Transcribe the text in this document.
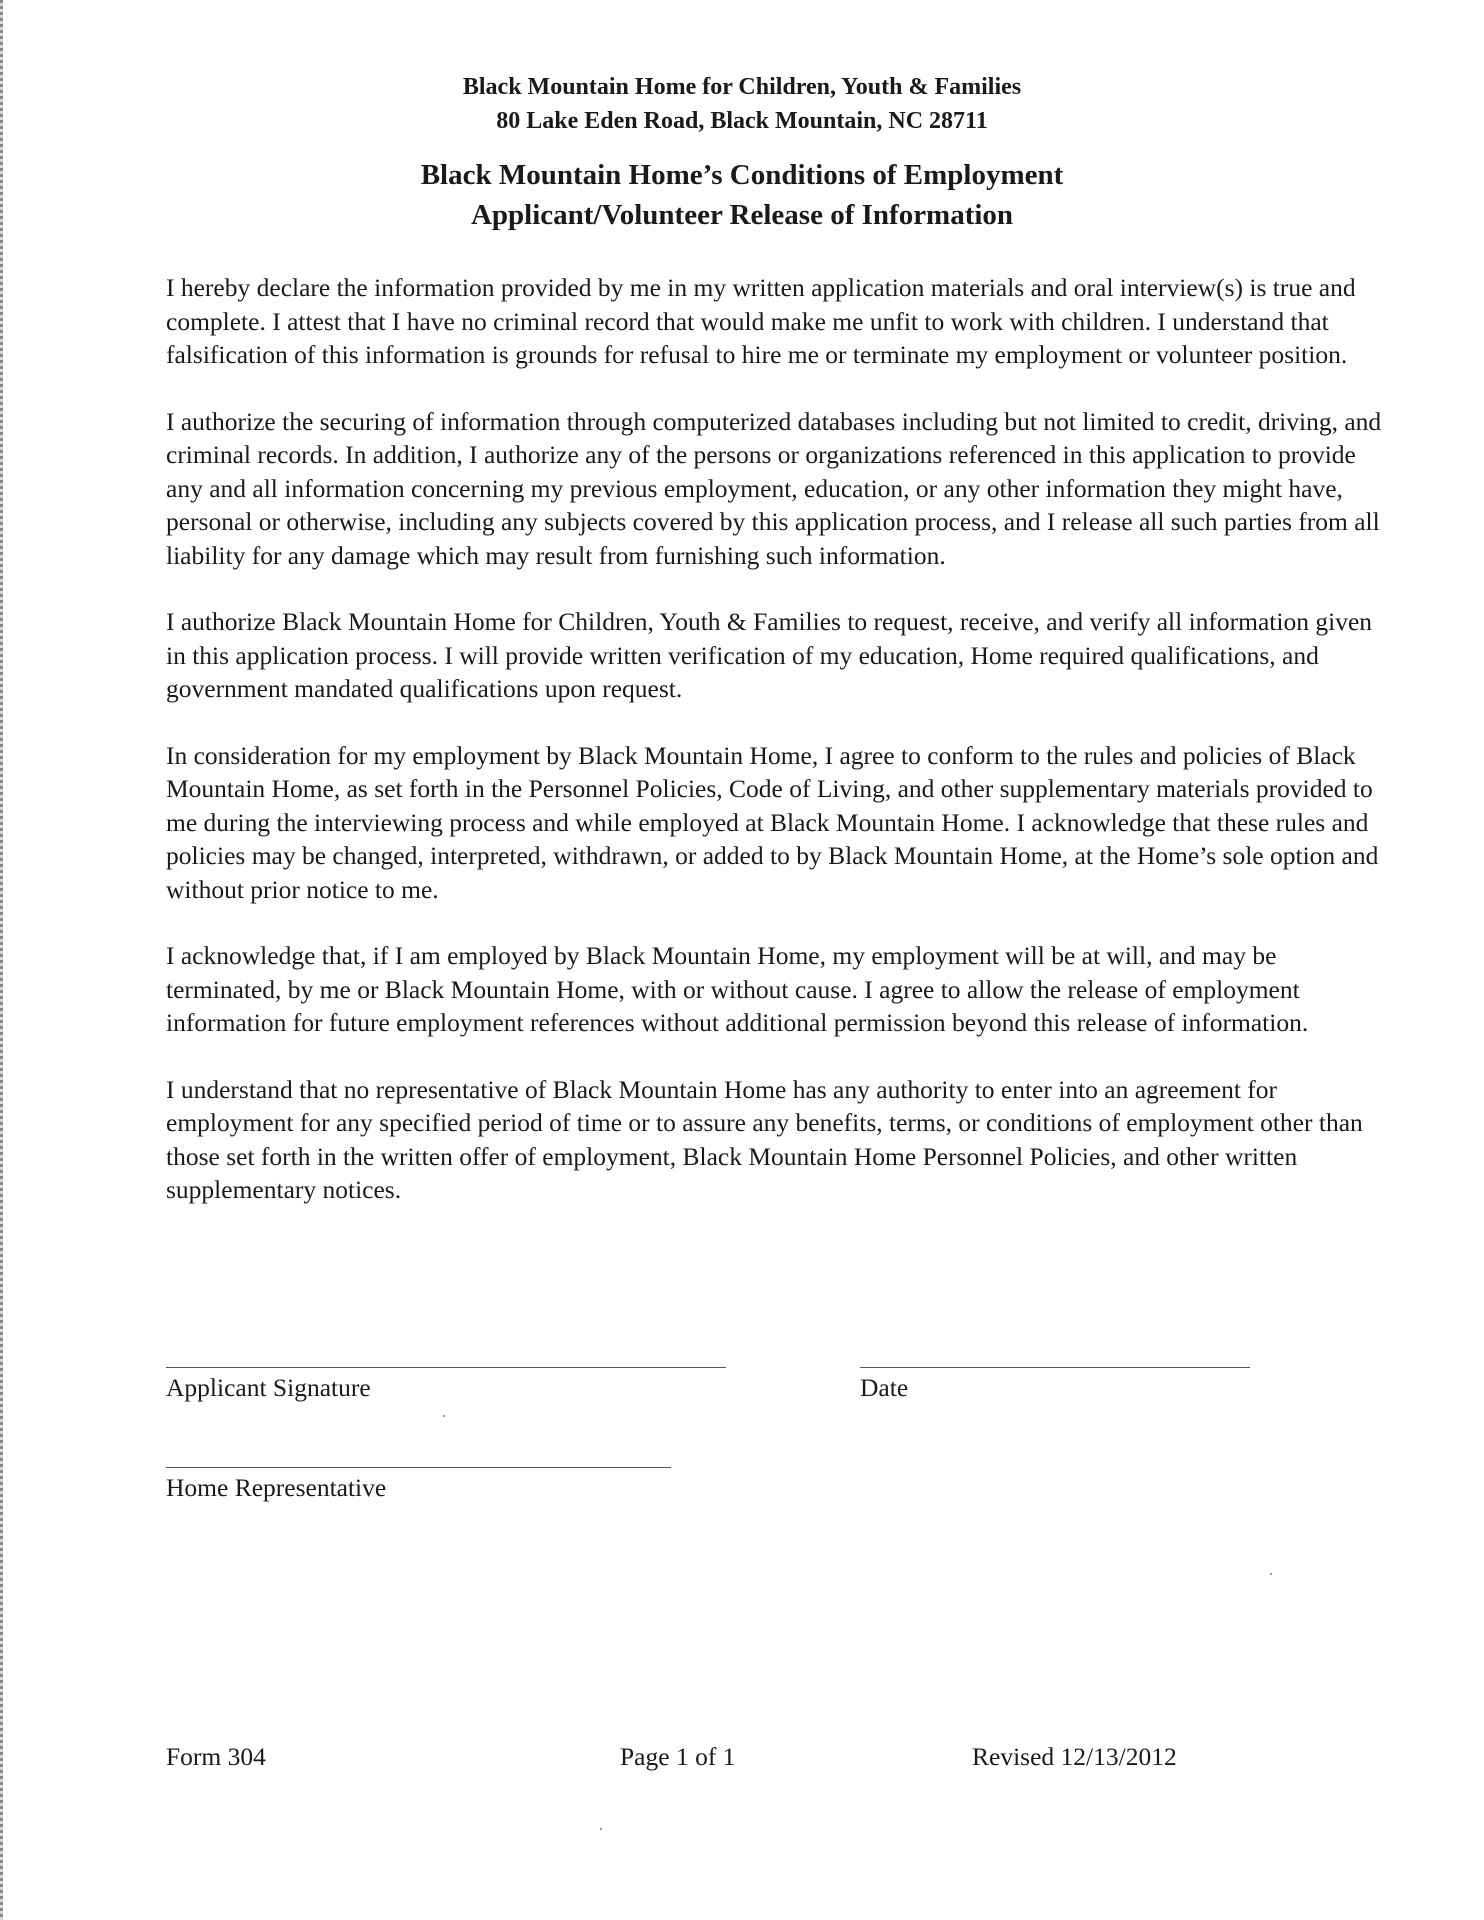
Black Mountain Home for Children, Youth & Families
80 Lake Eden Road, Black Mountain, NC 28711
Black Mountain Home’s Conditions of Employment
Applicant/Volunteer Release of Information

I hereby declare the information provided by me in my written application materials and oral interview(s) is true and complete. I attest that I have no criminal record that would make me unfit to work with children. I understand that falsification of this information is grounds for refusal to hire me or terminate my employment or volunteer position.

I authorize the securing of information through computerized databases including but not limited to credit, driving, and criminal records. In addition, I authorize any of the persons or organizations referenced in this application to provide any and all information concerning my previous employment, education, or any other information they might have, personal or otherwise, including any subjects covered by this application process, and I release all such parties from all liability for any damage which may result from furnishing such information.

I authorize Black Mountain Home for Children, Youth & Families to request, receive, and verify all information given in this application process. I will provide written verification of my education, Home required qualifications, and government mandated qualifications upon request.

In consideration for my employment by Black Mountain Home, I agree to conform to the rules and policies of Black Mountain Home, as set forth in the Personnel Policies, Code of Living, and other supplementary materials provided to me during the interviewing process and while employed at Black Mountain Home. I acknowledge that these rules and policies may be changed, interpreted, withdrawn, or added to by Black Mountain Home, at the Home’s sole option and without prior notice to me.

I acknowledge that, if I am employed by Black Mountain Home, my employment will be at will, and may be terminated, by me or Black Mountain Home, with or without cause. I agree to allow the release of employment information for future employment references without additional permission beyond this release of information.

I understand that no representative of Black Mountain Home has any authority to enter into an agreement for employment for any specified period of time or to assure any benefits, terms, or conditions of employment other than those set forth in the written offer of employment, Black Mountain Home Personnel Policies, and other written supplementary notices.

Applicant Signature	Date
Home Representative
Form 304	Page 1 of 1	Revised 12/13/2012
